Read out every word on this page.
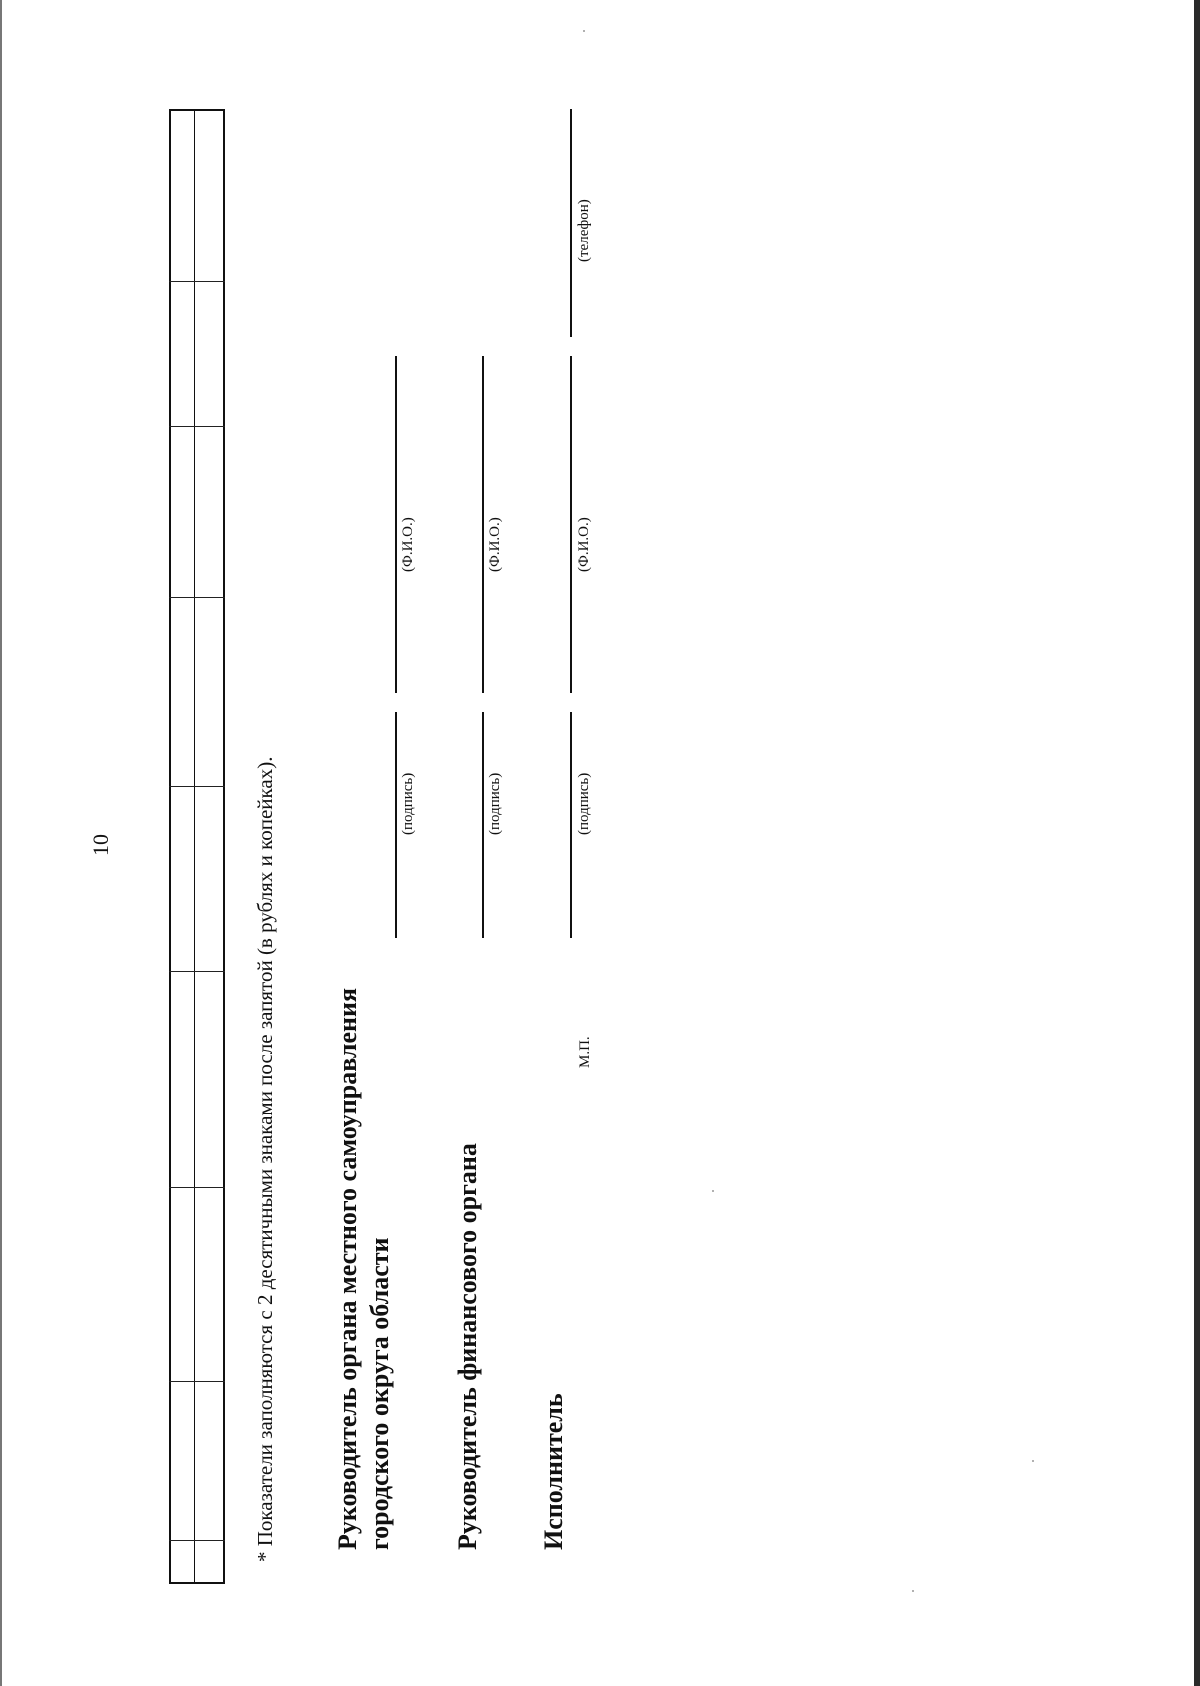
10	* Показатели заполняются с 2 десятичными знаками после запятой (в рублях и копейках). Руководитель органа местного самоуправления городского округа области
(подпись)
(Ф.И.О.)
Руководитель финансового органа
(подпись)
(Ф.И.О.)
Исполнитель
М.П.
(подпись)
(Ф.И.О.)
(телефон)
